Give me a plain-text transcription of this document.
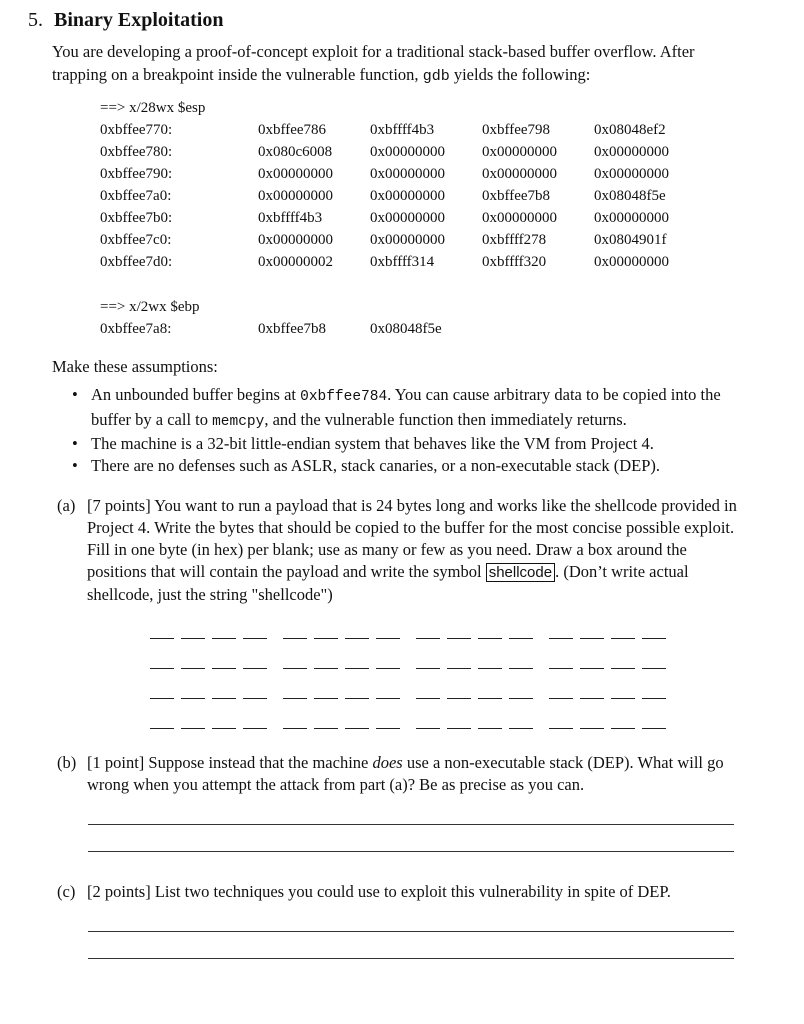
5. Binary Exploitation
You are developing a proof-of-concept exploit for a traditional stack-based buffer overflow. After trapping on a breakpoint inside the vulnerable function, gdb yields the following:
==> x/28wx $esp
0xbffee770:	0xbffee786	0xbffff4b3	0xbffee798	0x08048ef2
0xbffee780:	0x080c6008	0x00000000 0x00000000 0x00000000
0xbffee790:	0x00000000 0x00000000 0x00000000 0x00000000
0xbffee7a0:	0x00000000 0x00000000 0xbffee7b8	0x08048f5e
0xbffee7b0:	0xbffff4b3	0x00000000 0x00000000 0x00000000
0xbffee7c0:	0x00000000 0x00000000 0xbffff278	0x0804901f
0xbffee7d0:	0x00000002 0xbffff314	0xbffff320	0x00000000
==> x/2wx $ebp
0xbffee7a8:	0xbffee7b8	0x08048f5e
Make these assumptions:
• An unbounded buffer begins at 0xbffee784. You can cause arbitrary data to be copied into the buffer by a call to memcpy, and the vulnerable function then immediately returns.
• The machine is a 32-bit little-endian system that behaves like the VM from Project 4.
• There are no defenses such as ASLR, stack canaries, or a non-executable stack (DEP).
(a) [7 points] You want to run a payload that is 24 bytes long and works like the shellcode provided in Project 4. Write the bytes that should be copied to the buffer for the most concise possible exploit. Fill in one byte (in hex) per blank; use as many or few as you need. Draw a box around the positions that will contain the payload and write the symbol shellcode . (Don’t write actual shellcode, just the string "shellcode")
(b) [1 point] Suppose instead that the machine does use a non-executable stack (DEP). What will go wrong when you attempt the attack from part (a)? Be as precise as you can.
(c) [2 points] List two techniques you could use to exploit this vulnerability in spite of DEP.
